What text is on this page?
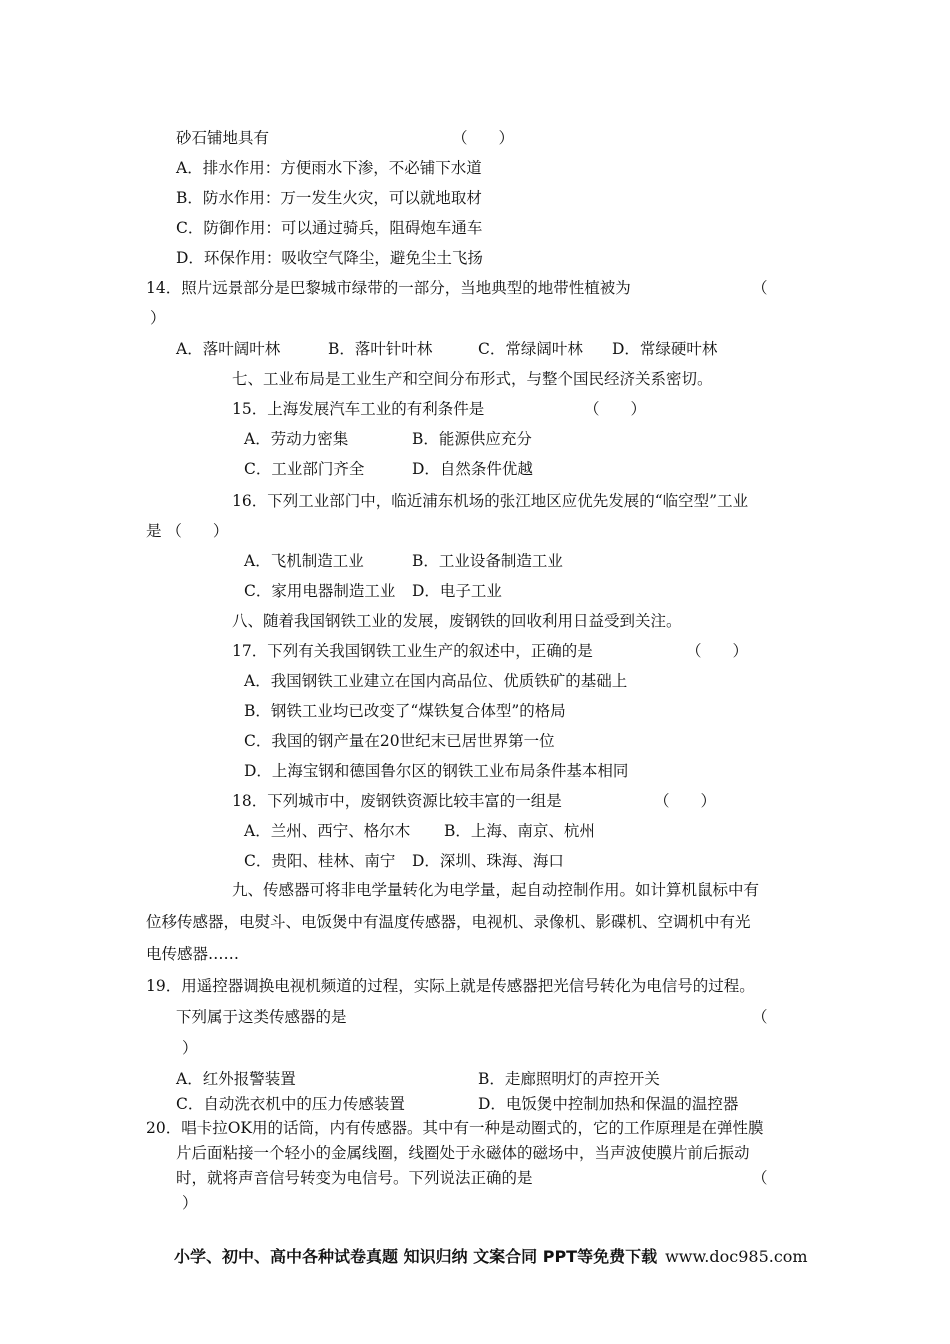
砂石铺地具有	（　　）
A．排水作用：方便雨水下渗，不必铺下水道
B．防水作用：万一发生火灾，可以就地取材
C．防御作用：可以通过骑兵，阻碍炮车通车
D．环保作用：吸收空气降尘，避免尘土飞扬
14．照片远景部分是巴黎城市绿带的一部分，当地典型的地带性植被为	（
）
A．落叶阔叶林	B．落叶针叶林	C．常绿阔叶林 D．常绿硬叶林
七、工业布局是工业生产和空间分布形式，与整个国民经济关系密切。
15．上海发展汽车工业的有利条件是	（　　）
A．劳动力密集	B．能源供应充分
C．工业部门齐全	D．自然条件优越
16．下列工业部门中，临近浦东机场的张江地区应优先发展的“临空型”工业
是 （　　）
A．飞机制造工业	B．工业设备制造工业
C．家用电器制造工业 D．电子工业
八、随着我国钢铁工业的发展，废钢铁的回收利用日益受到关注。
17．下列有关我国钢铁工业生产的叙述中，正确的是	（　　）
A．我国钢铁工业建立在国内高品位、优质铁矿的基础上
B．钢铁工业均已改变了“煤铁复合体型”的格局
C．我国的钢产量在20世纪末已居世界第一位
D．上海宝钢和德国鲁尔区的钢铁工业布局条件基本相同
18．下列城市中，废钢铁资源比较丰富的一组是	（　　）
A．兰州、西宁、格尔木 B．上海、南京、杭州
C．贵阳、桂林、南宁 D．深圳、珠海、海口
九、传感器可将非电学量转化为电学量，起自动控制作用。如计算机鼠标中有
位移传感器，电熨斗、电饭煲中有温度传感器，电视机、录像机、影碟机、空调机中有光
电传感器……
19．用遥控器调换电视机频道的过程，实际上就是传感器把光信号转化为电信号的过程。
下列属于这类传感器的是	（
）
A．红外报警装置	B．走廊照明灯的声控开关
C．自动洗衣机中的压力传感装置	D．电饭煲中控制加热和保温的温控器
20．唱卡拉OK用的话筒，内有传感器。其中有一种是动圈式的，它的工作原理是在弹性膜
片后面粘接一个轻小的金属线圈，线圈处于永磁体的磁场中，当声波使膜片前后振动
时，就将声音信号转变为电信号。下列说法正确的是	（
）
小学、初中、高中各种试卷真题 知识归纳 文案合同 PPT等免费下载 www.doc985.com
